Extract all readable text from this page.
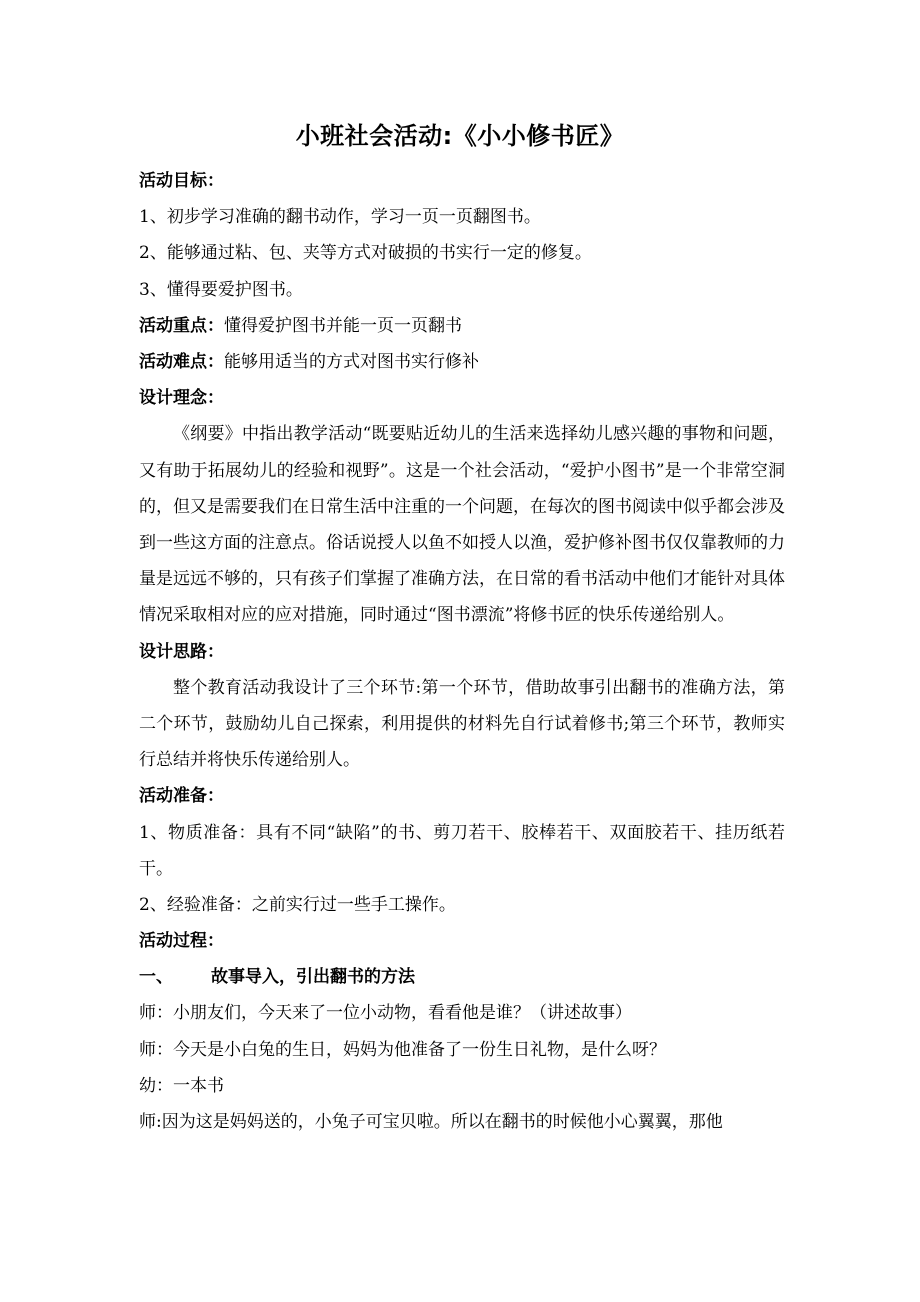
小班社会活动:《小小修书匠》
活动目标：
1、初步学习准确的翻书动作，学习一页一页翻图书。
2、能够通过粘、包、夹等方式对破损的书实行一定的修复。
3、懂得要爱护图书。
活动重点：懂得爱护图书并能一页一页翻书
活动难点：能够用适当的方式对图书实行修补
设计理念：
《纲要》中指出教学活动“既要贴近幼儿的生活来选择幼儿感兴趣的事物和问题，又有助于拓展幼儿的经验和视野”。这是一个社会活动，“爱护小图书”是一个非常空洞的，但又是需要我们在日常生活中注重的一个问题，在每次的图书阅读中似乎都会涉及到一些这方面的注意点。俗话说授人以鱼不如授人以渔，爱护修补图书仅仅靠教师的力量是远远不够的，只有孩子们掌握了准确方法，在日常的看书活动中他们才能针对具体情况采取相对应的应对措施，同时通过“图书漂流”将修书匠的快乐传递给别人。
设计思路：
整个教育活动我设计了三个环节:第一个环节，借助故事引出翻书的准确方法，第二个环节，鼓励幼儿自己探索，利用提供的材料先自行试着修书;第三个环节，教师实行总结并将快乐传递给别人。
活动准备：
1、物质准备：具有不同“缺陷”的书、剪刀若干、胶棒若干、双面胶若干、挂历纸若干。
2、经验准备：之前实行过一些手工操作。
活动过程：
一、 故事导入，引出翻书的方法
师：小朋友们，今天来了一位小动物，看看他是谁？（讲述故事）
师：今天是小白兔的生日，妈妈为他准备了一份生日礼物，是什么呀？
幼：一本书
师:因为这是妈妈送的，小兔子可宝贝啦。所以在翻书的时候他小心翼翼，那他
